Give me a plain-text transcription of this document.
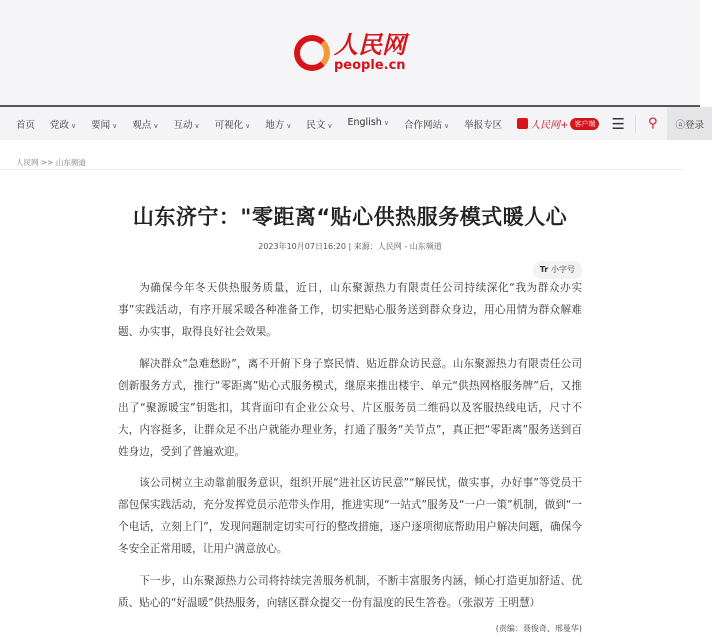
人民网
people.cn
首页 党政 ∨ 要闻 ∨ 观点 ∨ 互动 ∨ 可视化 ∨ 地方 ∨ 民文 ∨ English ∨ 合作网站 ∨ 举报专区	人民网+ 客户端 ☰	⚲ ⓐ 登录
人民网 >> 山东频道
山东济宁："零距离“贴心供热服务模式暖人心
2023年10月07日16:20 | 来源：人民网 - 山东频道
Tr 小字号

为确保今年冬天供热服务质量，近日，山东聚源热力有限责任公司持续深化“我为群众办实事”实践活动，有序开展采暖各种准备工作，切实把贴心服务送到群众身边，用心用情为群众解难题、办实事，取得良好社会效果。

解决群众“急难愁盼”，离不开俯下身子察民情、贴近群众访民意。山东聚源热力有限责任公司创新服务方式，推行“零距离”贴心式服务模式，继原来推出楼宇、单元“供热网格服务牌”后，又推出了“聚源暖宝”钥匙扣，其背面印有企业公众号、片区服务员二维码以及客服热线电话，尺寸不大，内容挺多，让群众足不出户就能办理业务，打通了服务“关节点”，真正把“零距离”服务送到百姓身边，受到了普遍欢迎。

该公司树立主动靠前服务意识，组织开展“进社区访民意”“解民忧，做实事，办好事”等党员干部包保实践活动，充分发挥党员示范带头作用，推进实现“一站式”服务及“一户一策”机制，做到“一个电话，立刻上门”，发现问题制定切实可行的整改措施，逐户逐项彻底帮助用户解决问题，确保今冬安全正常用暖，让用户满意放心。

下一步，山东聚源热力公司将持续完善服务机制，不断丰富服务内涵，倾心打造更加舒适、优质、贴心的“好温暖”供热服务，向辖区群众提交一份有温度的民生答卷。（张淑芳 王明慧）

(责编：聂俊奇、邢曼华)
